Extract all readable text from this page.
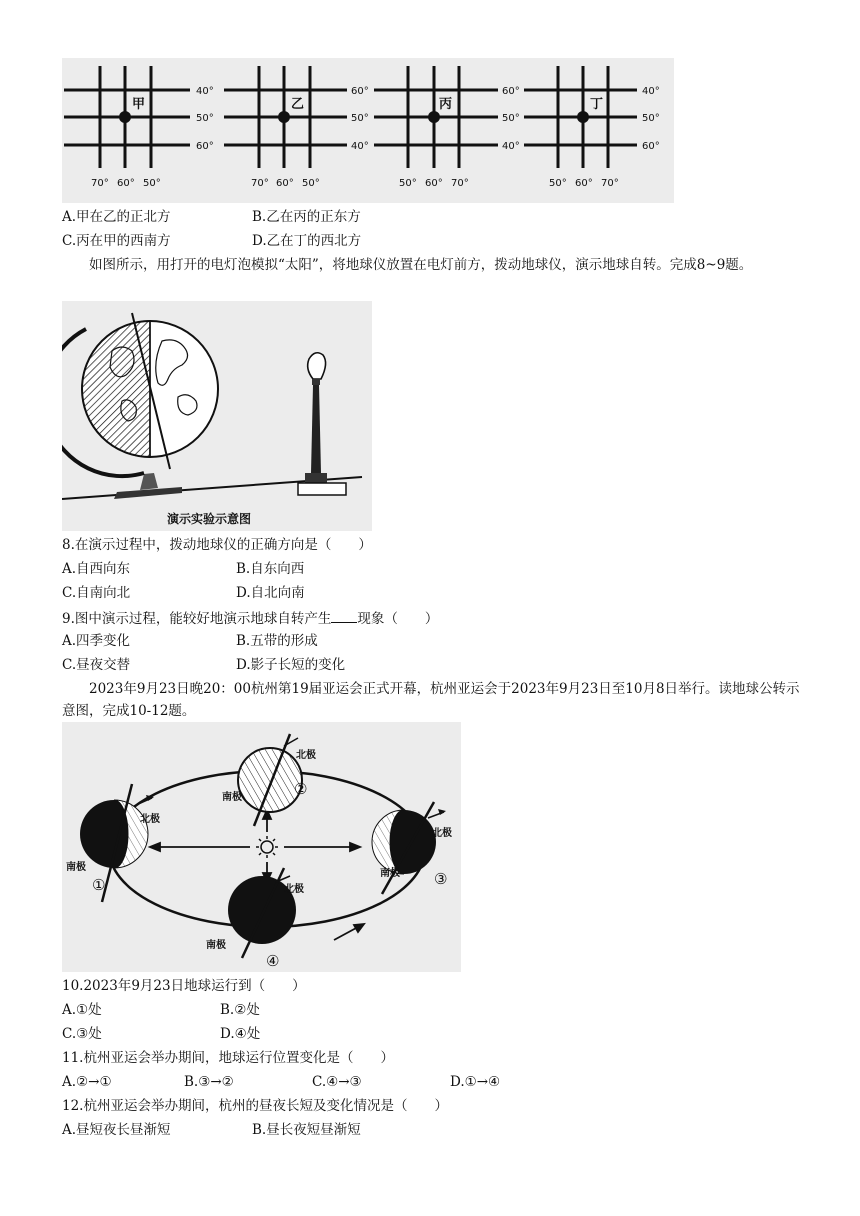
甲	乙	丙	丁
40°
50°
60°
60°
50°
40°
60°
50°
40°
40°
50°
60°
70° 60° 50°	70° 60° 50°	50° 60° 70°	50° 60° 70°
A.甲在乙的正北方	B.乙在丙的正东方
C.丙在甲的西南方	D.乙在丁的西北方
如图所示，用打开的电灯泡模拟“太阳”，将地球仪放置在电灯前方，拨动地球仪，演示地球自转。完成8~9题。
演示实验示意图
8.在演示过程中，拨动地球仪的正确方向是（　　）
A.自西向东	B.自东向西
C.自南向北	D.自北向南
9.图中演示过程，能较好地演示地球自转产生 现象（　　）
A.四季变化	B.五带的形成
C.昼夜交替	D.影子长短的变化
2023年9月23日晚20：00杭州第19届亚运会正式开幕，杭州亚运会于2023年9月23日至10月8日举行。读地球公转示意图，完成10-12题。
北极
南极
北极
南极
北极
南极
北极
南极
①
②
③
④
10.2023年9月23日地球运行到（　　）
A.①处	B.②处
C.③处	D.④处
11.杭州亚运会举办期间，地球运行位置变化是（　　）
A.②→①	B.③→②	C.④→③	D.①→④
12.杭州亚运会举办期间，杭州的昼夜长短及变化情况是（　　）
A.昼短夜长昼渐短	B.昼长夜短昼渐短
